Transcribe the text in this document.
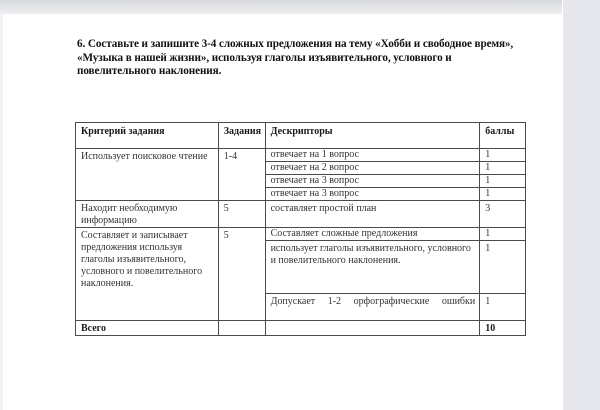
6. Составьте и запишите 3-4 сложных предложения на тему «Хобби и свободное время», «Музыка в нашей жизни», используя глаголы изъявительного, условного и повелительного наклонения.
Критерий задания	Задания	Дескрипторы	баллы
Использует поисковое чтение	1-4	отвечает на 1 вопрос	1
		отвечает на 2 вопрос	1
		отвечает на 3 вопрос	1
		отвечает на 3 вопрос	1
Находит необходимую информацию	5	составляет простой план	3
Составляет и записывает предложения используя глаголы изъявительного, условного и повелительного наклонения.	5	Составляет сложные предложения	1
		использует глаголы изъявительного, условного и повелительного наклонения.	1
		Допускает 1-2 орфографические ошибки	1
Всего			10
